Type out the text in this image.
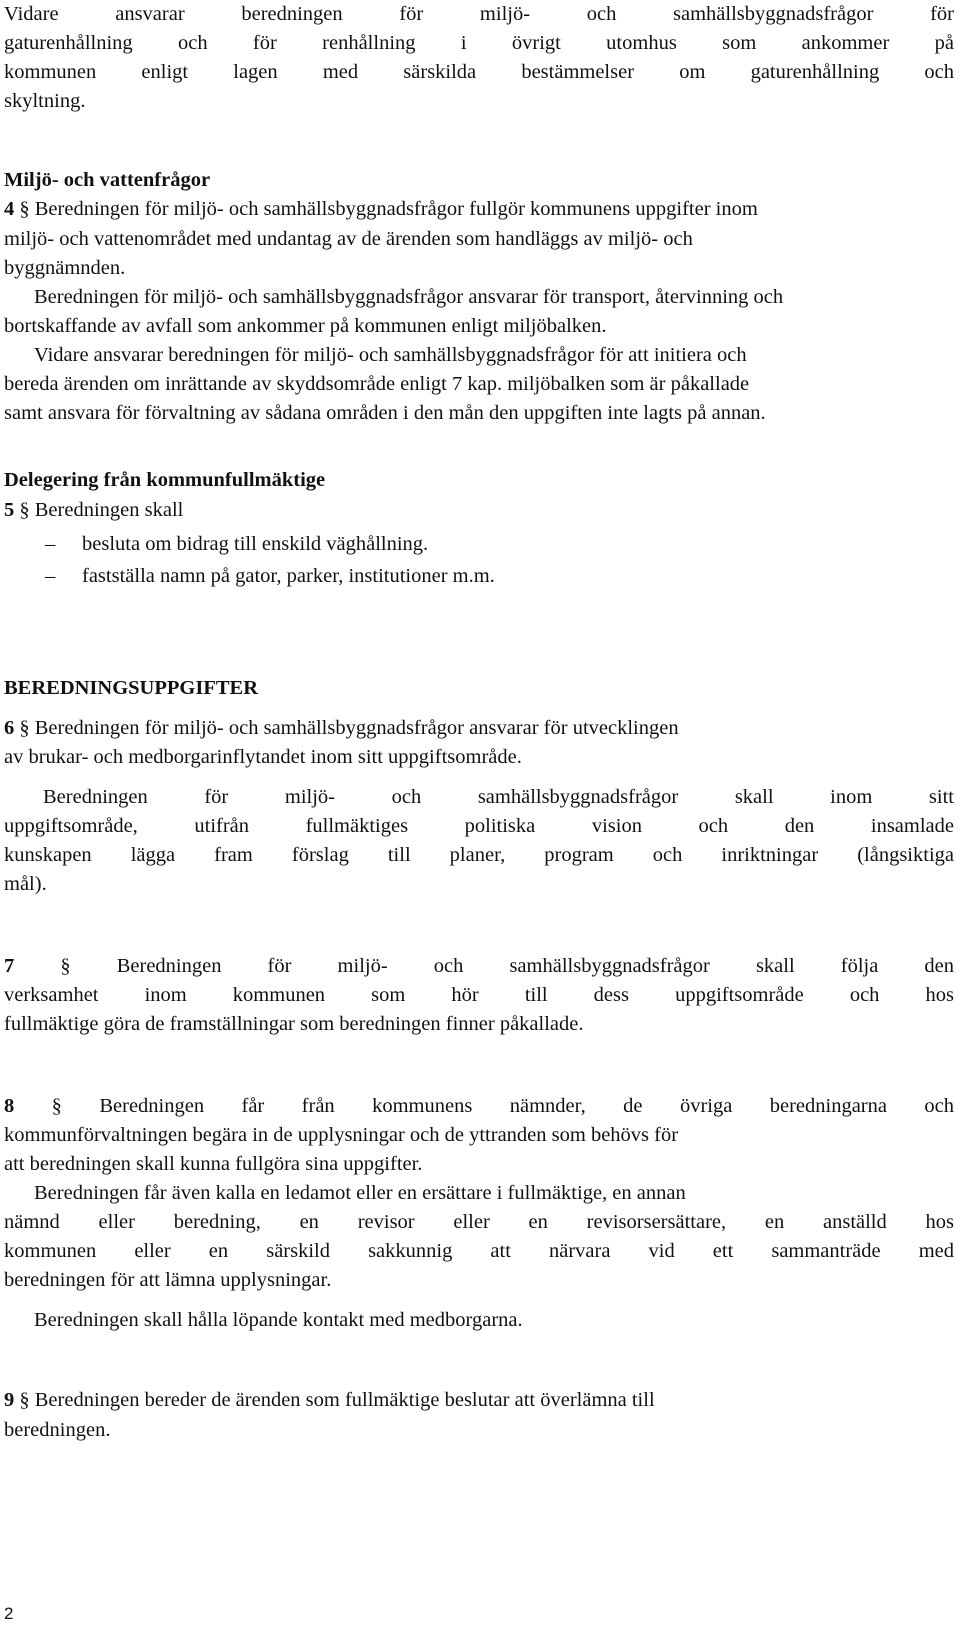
Vidare ansvarar beredningen för miljö- och samhällsbyggnadsfrågor för
gaturenhållning och för renhållning i övrigt utomhus som ankommer på
kommunen enligt lagen med särskilda bestämmelser om gaturenhållning och
skyltning.
Miljö- och vattenfrågor
4 § Beredningen för miljö- och samhällsbyggnadsfrågor fullgör kommunens uppgifter inom
miljö- och vattenområdet med undantag av de ärenden som handläggs av miljö- och
byggnämnden.
Beredningen för miljö- och samhällsbyggnadsfrågor ansvarar för transport, återvinning och
bortskaffande av avfall som ankommer på kommunen enligt miljöbalken.
Vidare ansvarar beredningen för miljö- och samhällsbyggnadsfrågor för att initiera och
bereda ärenden om inrättande av skyddsområde enligt 7 kap. miljöbalken som är påkallade
samt ansvara för förvaltning av sådana områden i den mån den uppgiften inte lagts på annan.
Delegering från kommunfullmäktige
5 § Beredningen skall
– besluta om bidrag till enskild väghållning.
– fastställa namn på gator, parker, institutioner m.m.
BEREDNINGSUPPGIFTER
6 § Beredningen för miljö- och samhällsbyggnadsfrågor ansvarar för utvecklingen
av brukar- och medborgarinflytandet inom sitt uppgiftsområde.
Beredningen för miljö- och samhällsbyggnadsfrågor skall inom sitt
uppgiftsområde, utifrån fullmäktiges politiska vision och den insamlade
kunskapen lägga fram förslag till planer, program och inriktningar (långsiktiga
mål).
7 § Beredningen för miljö- och samhällsbyggnadsfrågor skall följa den
verksamhet inom kommunen som hör till dess uppgiftsområde och hos
fullmäktige göra de framställningar som beredningen finner påkallade.
8 § Beredningen får från kommunens nämnder, de övriga beredningarna och
kommunförvaltningen begära in de upplysningar och de yttranden som behövs för
att beredningen skall kunna fullgöra sina uppgifter.
Beredningen får även kalla en ledamot eller en ersättare i fullmäktige, en annan
nämnd eller beredning, en revisor eller en revisorsersättare, en anställd hos
kommunen eller en särskild sakkunnig att närvara vid ett sammanträde med
beredningen för att lämna upplysningar.
Beredningen skall hålla löpande kontakt med medborgarna.
9 § Beredningen bereder de ärenden som fullmäktige beslutar att överlämna till
beredningen.
2
